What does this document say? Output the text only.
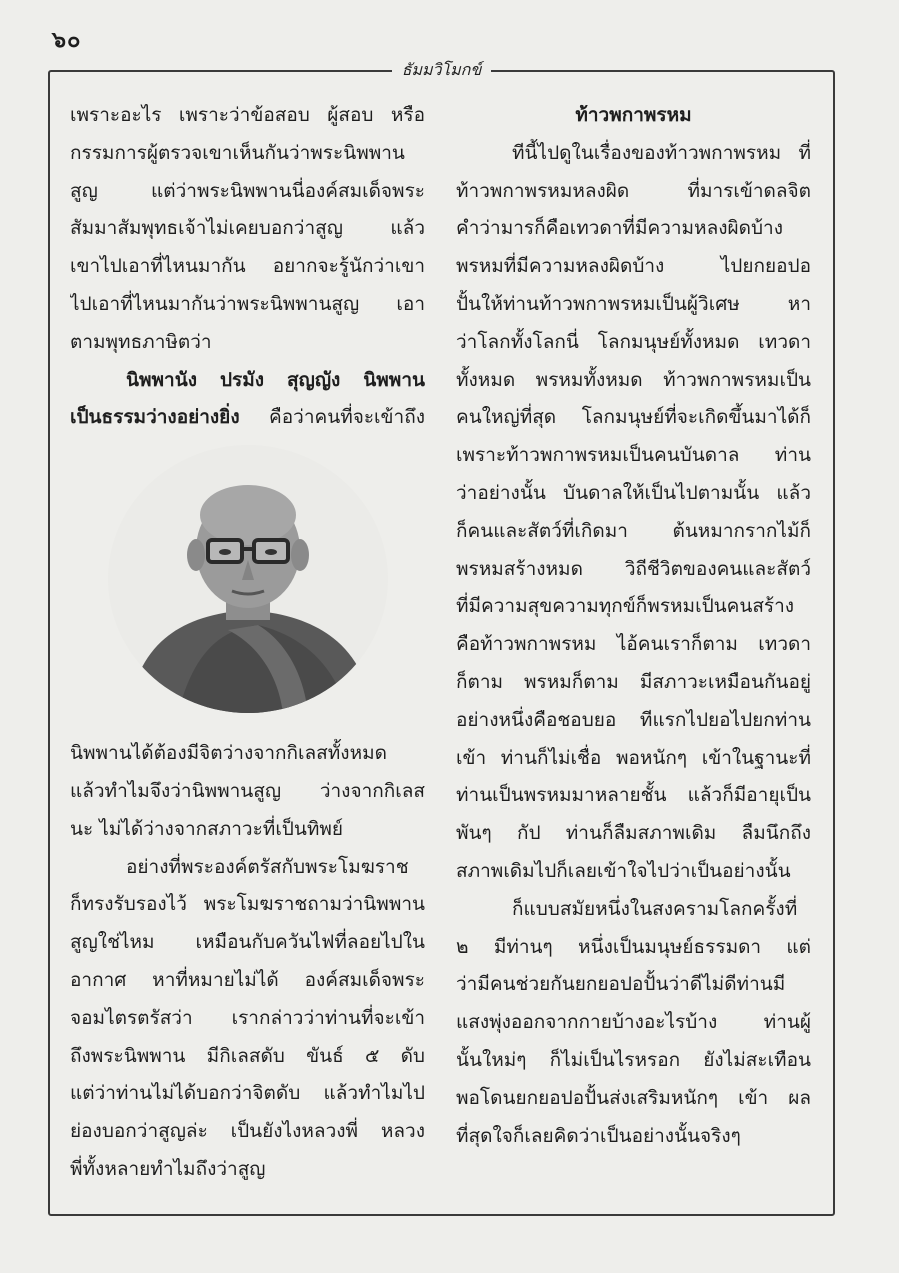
๖๐
ธัมมวิโมกข์
เพราะอะไร เพราะว่าข้อสอบ ผู้สอบ หรือ
กรรมการผู้ตรวจเขาเห็นกันว่าพระนิพพาน
สูญ แต่ว่าพระนิพพานนี่องค์สมเด็จพระ
สัมมาสัมพุทธเจ้าไม่เคยบอกว่าสูญ แล้ว
เขาไปเอาที่ไหนมากัน อยากจะรู้นักว่าเขา
ไปเอาที่ไหนมากันว่าพระนิพพานสูญ เอา
ตามพุทธภาษิตว่า
นิพพานัง ปรมัง สุญญัง นิพพาน
เป็นธรรมว่างอย่างยิ่ง คือว่าคนที่จะเข้าถึง
นิพพานได้ต้องมีจิตว่างจากกิเลสทั้งหมด
แล้วทำไมจึงว่านิพพานสูญ ว่างจากกิเลส
นะ ไม่ได้ว่างจากสภาวะที่เป็นทิพย์
อย่างที่พระองค์ตรัสกับพระโมฆราช
ก็ทรงรับรองไว้ พระโมฆราชถามว่านิพพาน
สูญใช่ไหม เหมือนกับควันไฟที่ลอยไปใน
อากาศ หาที่หมายไม่ได้ องค์สมเด็จพระ
จอมไตรตรัสว่า เรากล่าวว่าท่านที่จะเข้า
ถึงพระนิพพาน มีกิเลสดับ ขันธ์ ๕ ดับ
แต่ว่าท่านไม่ได้บอกว่าจิตดับ แล้วทำไมไป
ย่องบอกว่าสูญล่ะ เป็นยังไงหลวงพี่ หลวง
พี่ทั้งหลายทำไมถึงว่าสูญ
ท้าวพกาพรหม
ทีนี้ไปดูในเรื่องของท้าวพกาพรหม ที่
ท้าวพกาพรหมหลงผิด ที่มารเข้าดลจิต
คำว่ามารก็คือเทวดาที่มีความหลงผิดบ้าง
พรหมที่มีความหลงผิดบ้าง ไปยกยอปอ
ปั้นให้ท่านท้าวพกาพรหมเป็นผู้วิเศษ หา
ว่าโลกทั้งโลกนี่ โลกมนุษย์ทั้งหมด เทวดา
ทั้งหมด พรหมทั้งหมด ท้าวพกาพรหมเป็น
คนใหญ่ที่สุด โลกมนุษย์ที่จะเกิดขึ้นมาได้ก็
เพราะท้าวพกาพรหมเป็นคนบันดาล ท่าน
ว่าอย่างนั้น บันดาลให้เป็นไปตามนั้น แล้ว
ก็คนและสัตว์ที่เกิดมา ต้นหมากรากไม้ก็
พรหมสร้างหมด วิถีชีวิตของคนและสัตว์
ที่มีความสุขความทุกข์ก็พรหมเป็นคนสร้าง
คือท้าวพกาพรหม ไอ้คนเราก็ตาม เทวดา
ก็ตาม พรหมก็ตาม มีสภาวะเหมือนกันอยู่
อย่างหนึ่งคือชอบยอ ทีแรกไปยอไปยกท่าน
เข้า ท่านก็ไม่เชื่อ พอหนักๆ เข้าในฐานะที่
ท่านเป็นพรหมมาหลายชั้น แล้วก็มีอายุเป็น
พันๆ กัป ท่านก็ลืมสภาพเดิม ลืมนึกถึง
สภาพเดิมไปก็เลยเข้าใจไปว่าเป็นอย่างนั้น
ก็แบบสมัยหนึ่งในสงครามโลกครั้งที่
๒ มีท่านๆ หนึ่งเป็นมนุษย์ธรรมดา แต่
ว่ามีคนช่วยกันยกยอปอปั้นว่าดีไม่ดีท่านมี
แสงพุ่งออกจากกายบ้างอะไรบ้าง ท่านผู้
นั้นใหม่ๆ ก็ไม่เป็นไรหรอก ยังไม่สะเทือน
พอโดนยกยอปอปั้นส่งเสริมหนักๆ เข้า ผล
ที่สุดใจก็เลยคิดว่าเป็นอย่างนั้นจริงๆ
